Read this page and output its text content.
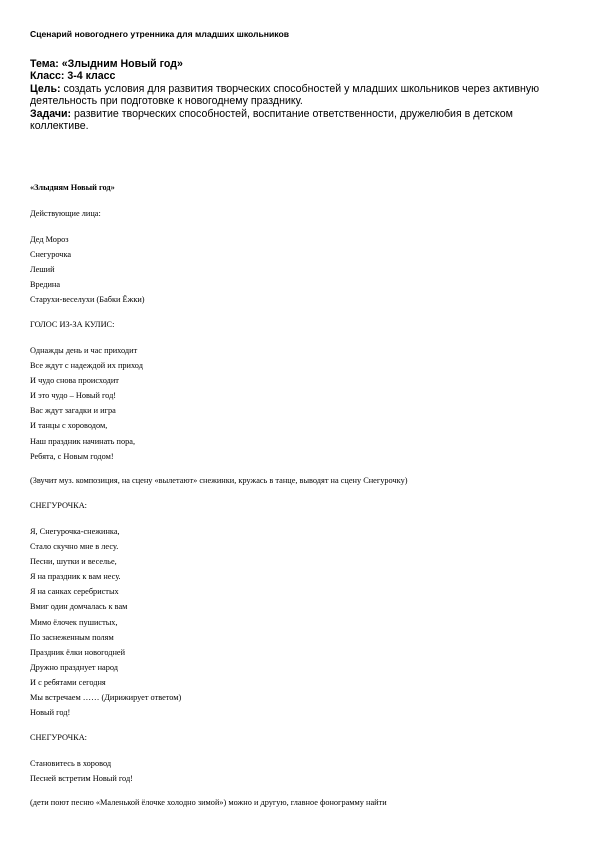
Сценарий новогоднего утренника для младших школьников

Тема: «Злыдним Новый год»

Класс: 3-4 класс

Цель: создать условия для развития творческих способностей у младших школьников через активную деятельность при подготовке к новогоднему празднику.

Задачи: развитие творческих способностей, воспитание ответственности, дружелюбия в детском коллективе.

«Злыдням Новый год»
Действующие лица:
Дед Мороз
Снегурочка
Леший
Вредина
Старухи-веселухи (Бабки Ёжки)
ГОЛОС ИЗ-ЗА КУЛИС:
Однажды день и час приходит
Все ждут с надеждой их приход
И чудо снова происходит
И это чудо – Новый год!
Вас ждут загадки и игра
И танцы с хороводом,
Наш праздник начинать пора,
Ребята, с Новым годом!
(Звучит муз. композиция, на сцену «вылетают» снежинки, кружась в танце, выводят на сцену Снегурочку)
СНЕГУРОЧКА:
Я, Снегурочка-снежинка,
Стало скучно мне в лесу.
Песни, шутки и веселье,
Я на праздник к вам несу.
Я на санках серебристых
Вмиг один домчалась к вам
Мимо ёлочек пушистых,
По заснеженным полям
Праздник ёлки новогодней
Дружно празднует народ
И с ребятами сегодня
Мы встречаем …… (Дирижирует ответом)
Новый год!
СНЕГУРОЧКА:
Становитесь в хоровод
Песней встретим Новый год!
(дети поют песню «Маленькой ёлочке холодно зимой») можно и другую, главное фонограмму найти
